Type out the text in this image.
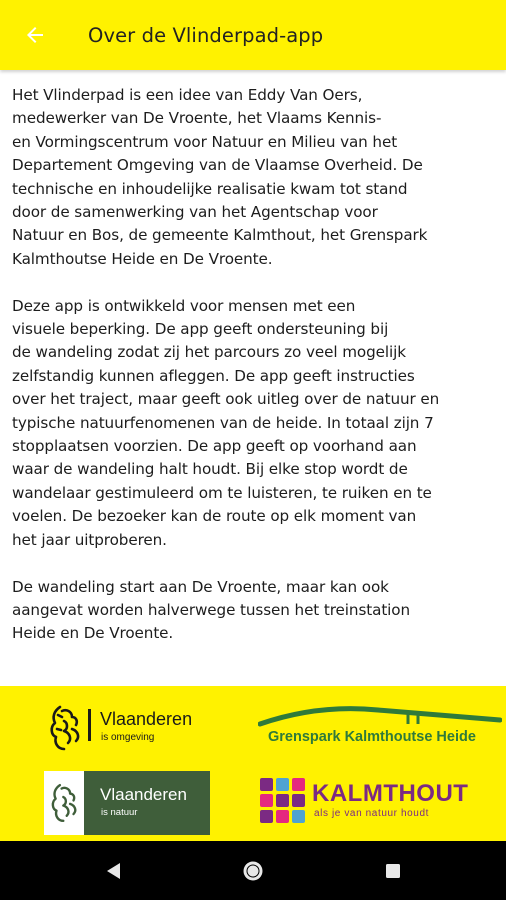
Over de Vlinderpad-app

Het Vlinderpad is een idee van Eddy Van Oers,
medewerker van De Vroente, het Vlaams Kennis-
en Vormingscentrum voor Natuur en Milieu van het
Departement Omgeving van de Vlaamse Overheid. De
technische en inhoudelijke realisatie kwam tot stand
door de samenwerking van het Agentschap voor
Natuur en Bos, de gemeente Kalmthout, het Grenspark
Kalmthoutse Heide en De Vroente.

Deze app is ontwikkeld voor mensen met een
visuele beperking. De app geeft ondersteuning bij
de wandeling zodat zij het parcours zo veel mogelijk
zelfstandig kunnen afleggen. De app geeft instructies
over het traject, maar geeft ook uitleg over de natuur en
typische natuurfenomenen van de heide. In totaal zijn 7
stopplaatsen voorzien. De app geeft op voorhand aan
waar de wandeling halt houdt. Bij elke stop wordt de
wandelaar gestimuleerd om te luisteren, te ruiken en te
voelen. De bezoeker kan de route op elk moment van
het jaar uitproberen.

De wandeling start aan De Vroente, maar kan ook
aangevat worden halverwege tussen het treinstation
Heide en De Vroente.

Vlaanderen
is omgeving	Grenspark Kalmthoutse Heide
Vlaanderen
is natuur
KALMTHOUT
als je van natuur houdt
